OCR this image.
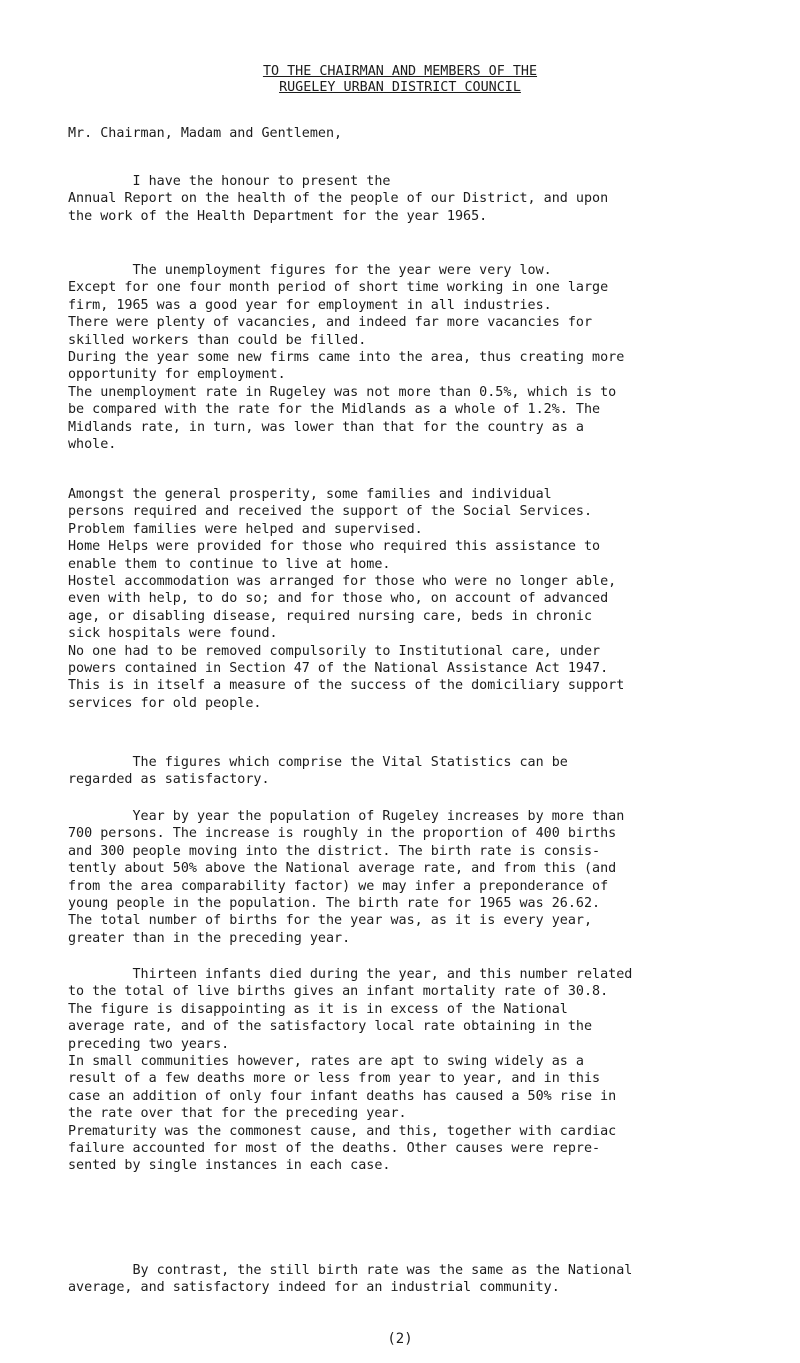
TO THE CHAIRMAN AND MEMBERS OF THE
RUGELEY URBAN DISTRICT COUNCIL
Mr. Chairman, Madam and Gentlemen,

I have the honour to present the
Annual Report on the health of the people of our District, and upon
the work of the Health Department for the year 1965.

The unemployment figures for the year were very low.
Except for one four month period of short time working in one large
firm, 1965 was a good year for employment in all industries.
There were plenty of vacancies, and indeed far more vacancies for
skilled workers than could be filled.
During the year some new firms came into the area, thus creating more
opportunity for employment.
The unemployment rate in Rugeley was not more than 0.5%, which is to
be compared with the rate for the Midlands as a whole of 1.2%. The
Midlands rate, in turn, was lower than that for the country as a
whole.

Amongst the general prosperity, some families and individual
persons required and received the support of the Social Services.
Problem families were helped and supervised.
Home Helps were provided for those who required this assistance to
enable them to continue to live at home.
Hostel accommodation was arranged for those who were no longer able,
even with help, to do so; and for those who, on account of advanced
age, or disabling disease, required nursing care, beds in chronic
sick hospitals were found.
No one had to be removed compulsorily to Institutional care, under
powers contained in Section 47 of the National Assistance Act 1947.
This is in itself a measure of the success of the domiciliary support
services for old people.

The figures which comprise the Vital Statistics can be
regarded as satisfactory.

Year by year the population of Rugeley increases by more than
700 persons. The increase is roughly in the proportion of 400 births
and 300 people moving into the district. The birth rate is consis-
tently about 50% above the National average rate, and from this (and
from the area comparability factor) we may infer a preponderance of
young people in the population. The birth rate for 1965 was 26.62.
The total number of births for the year was, as it is every year,
greater than in the preceding year.

Thirteen infants died during the year, and this number related
to the total of live births gives an infant mortality rate of 30.8.
The figure is disappointing as it is in excess of the National
average rate, and of the satisfactory local rate obtaining in the
preceding two years.
In small communities however, rates are apt to swing widely as a
result of a few deaths more or less from year to year, and in this
case an addition of only four infant deaths has caused a 50% rise in
the rate over that for the preceding year.
Prematurity was the commonest cause, and this, together with cardiac
failure accounted for most of the deaths. Other causes were repre-
sented by single instances in each case.

By contrast, the still birth rate was the same as the National
average, and satisfactory indeed for an industrial community.

(2)
